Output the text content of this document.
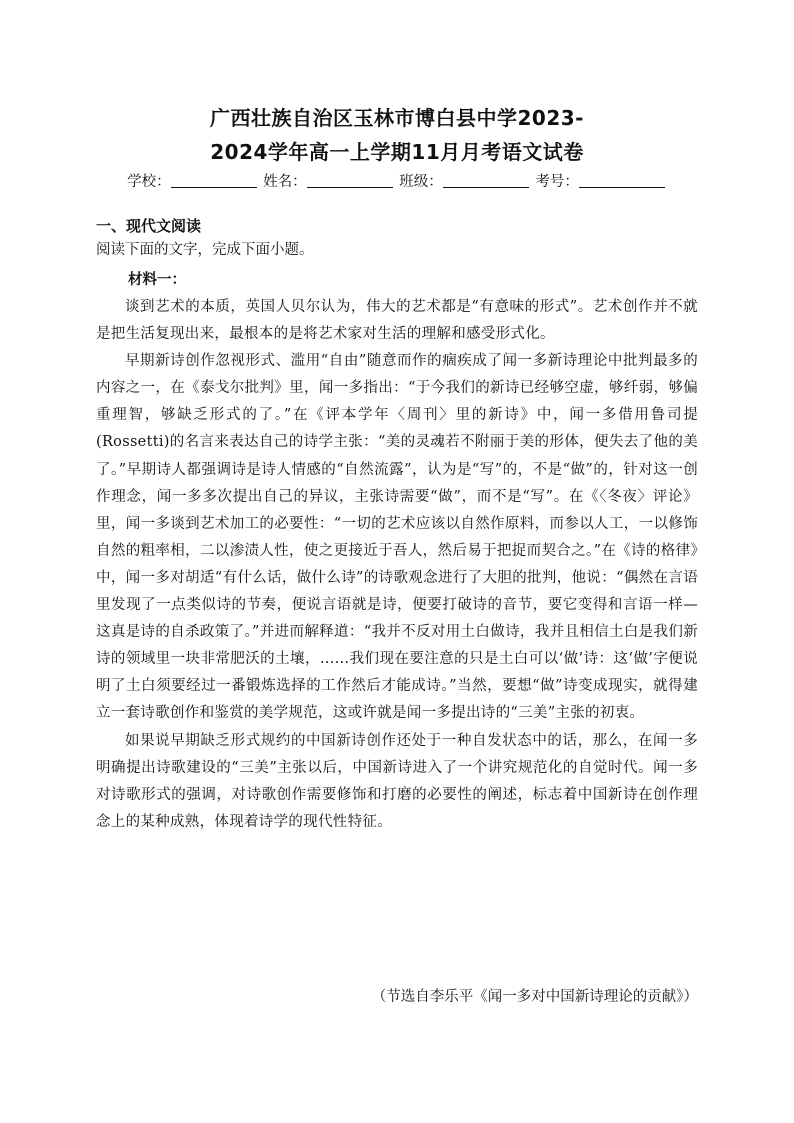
广西壮族自治区玉林市博白县中学2023-
2024学年高一上学期11月月考语文试卷
学校：	姓名：	班级：	考号：
一、现代文阅读
阅读下面的文字，完成下面小题。
材料一：

谈到艺术的本质，英国人贝尔认为，伟大的艺术都是“有意味的形式”。艺术创作并不就是把生活复现出来，最根本的是将艺术家对生活的理解和感受形式化。

早期新诗创作忽视形式、滥用“自由”随意而作的痼疾成了闻一多新诗理论中批判最多的内容之一，在《泰戈尔批判》里，闻一多指出：“于今我们的新诗已经够空虚，够纤弱，够偏重理智，够缺乏形式的了。”在《评本学年〈周刊〉里的新诗》中，闻一多借用鲁司提(Rossetti)的名言来表达自己的诗学主张：“美的灵魂若不附丽于美的形体，便失去了他的美了。”早期诗人都强调诗是诗人情感的“自然流露”，认为是“写”的，不是“做”的，针对这一创作理念，闻一多多次提出自己的异议，主张诗需要“做”，而不是“写”。在《〈冬夜〉评论》里，闻一多谈到艺术加工的必要性：“一切的艺术应该以自然作原料，而参以人工，一以修饰自然的粗率相，二以渗渍人性，使之更接近于吾人，然后易于把捉而契合之。”在《诗的格律》中，闻一多对胡适“有什么话，做什么诗”的诗歌观念进行了大胆的批判，他说：“偶然在言语里发现了一点类似诗的节奏，便说言语就是诗，便要打破诗的音节，要它变得和言语一样—这真是诗的自杀政策了。”并进而解释道：“我并不反对用土白做诗，我并且相信土白是我们新诗的领域里一块非常肥沃的土壤，……我们现在要注意的只是土白可以‘做’诗：这‘做’字便说明了土白须要经过一番锻炼选择的工作然后才能成诗。”当然，要想“做”诗变成现实，就得建立一套诗歌创作和鉴赏的美学规范，这或许就是闻一多提出诗的“三美”主张的初衷。

如果说早期缺乏形式规约的中国新诗创作还处于一种自发状态中的话，那么，在闻一多明确提出诗歌建设的“三美”主张以后，中国新诗进入了一个讲究规范化的自觉时代。闻一多对诗歌形式的强调，对诗歌创作需要修饰和打磨的必要性的阐述，标志着中国新诗在创作理念上的某种成熟，体现着诗学的现代性特征。

（节选自李乐平《闻一多对中国新诗理论的贡献》）
